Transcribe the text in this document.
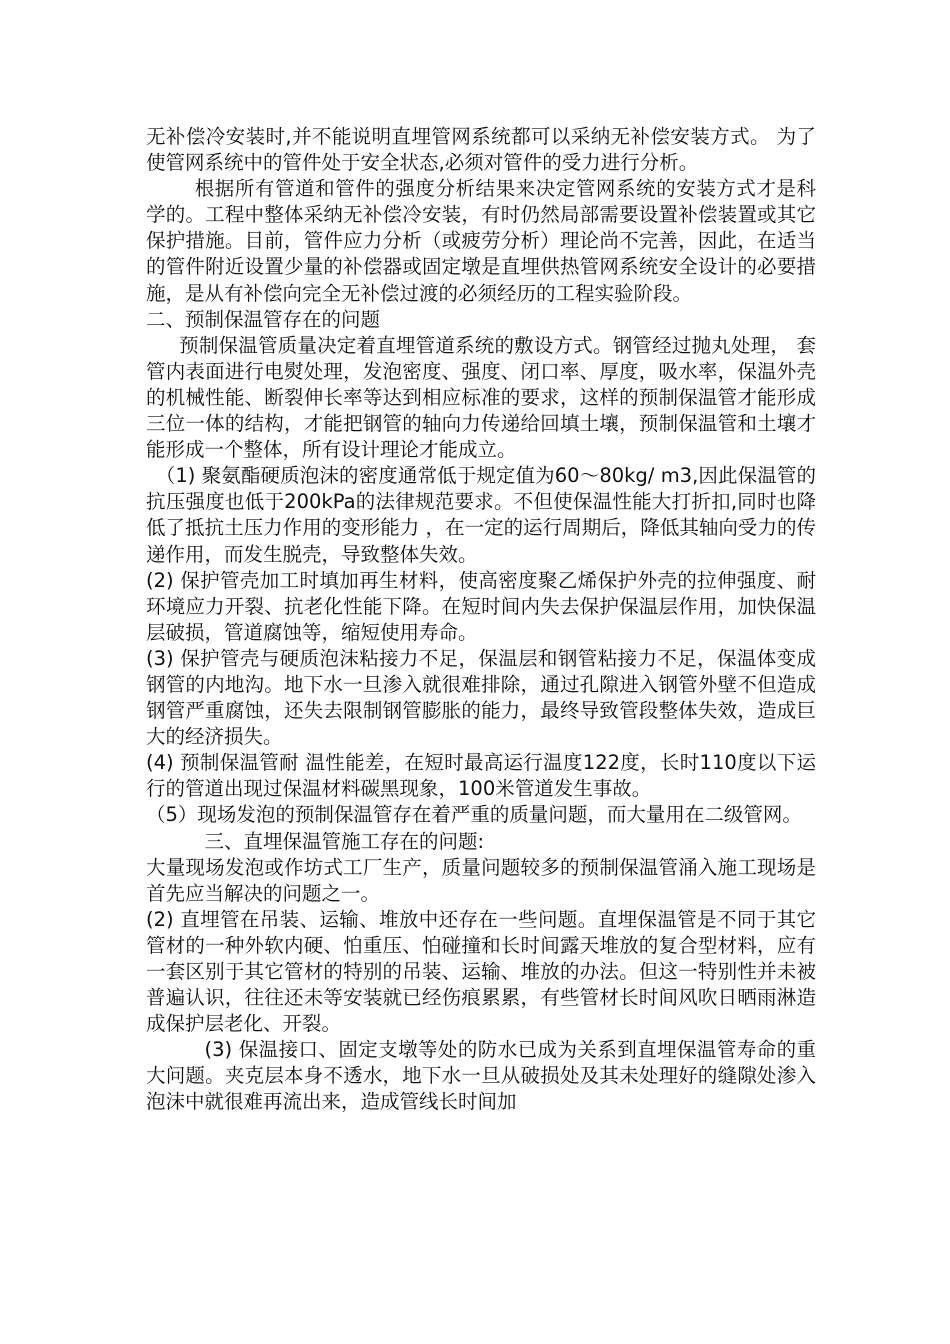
无补偿冷安装时,并不能说明直埋管网系统都可以采纳无补偿安装方式。 为了使管网系统中的管件处于安全状态,必须对管件的受力进行分析。

根据所有管道和管件的强度分析结果来决定管网系统的安装方式才是科学的。工程中整体采纳无补偿冷安装，有时仍然局部需要设置补偿装置或其它保护措施。目前，管件应力分析（或疲劳分析）理论尚不完善，因此，在适当的管件附近设置少量的补偿器或固定墩是直埋供热管网系统安全设计的必要措施，是从有补偿向完全无补偿过渡的必须经历的工程实验阶段。

二、预制保温管存在的问题

预制保温管质量决定着直埋管道系统的敷设方式。钢管经过抛丸处理， 套管内表面进行电熨处理，发泡密度、强度、闭口率、厚度，吸水率，保温外壳的机械性能、断裂伸长率等达到相应标准的要求，这样的预制保温管才能形成三位一体的结构，才能把钢管的轴向力传递给回填土壤，预制保温管和土壤才能形成一个整体，所有设计理论才能成立。

（1) 聚氨酯硬质泡沫的密度通常低于规定值为60～80kg/ m3,因此保温管的抗压强度也低于200kPa的法律规范要求。不但使保温性能大打折扣,同时也降低了抵抗土压力作用的变形能力 ，在一定的运行周期后，降低其轴向受力的传递作用，而发生脱壳，导致整体失效。

(2) 保护管壳加工时填加再生材料，使高密度聚乙烯保护外壳的拉伸强度、耐环境应力开裂、抗老化性能下降。在短时间内失去保护保温层作用，加快保温层破损，管道腐蚀等，缩短使用寿命。

(3) 保护管壳与硬质泡沫粘接力不足，保温层和钢管粘接力不足，保温体变成钢管的内地沟。地下水一旦渗入就很难排除，通过孔隙进入钢管外壁不但造成钢管严重腐蚀，还失去限制钢管膨胀的能力，最终导致管段整体失效，造成巨大的经济损失。

(4) 预制保温管耐 温性能差，在短时最高运行温度122度，长时110度以下运行的管道出现过保温材料碳黑现象，100米管道发生事故。

（5）现场发泡的预制保温管存在着严重的质量问题，而大量用在二级管网。

三、直埋保温管施工存在的问题:

大量现场发泡或作坊式工厂生产，质量问题较多的预制保温管涌入施工现场是首先应当解决的问题之一。

(2) 直埋管在吊装、运输、堆放中还存在一些问题。直埋保温管是不同于其它管材的一种外软内硬、怕重压、怕碰撞和长时间露天堆放的复合型材料，应有一套区别于其它管材的特别的吊装、运输、堆放的办法。但这一特别性并未被普遍认识，往往还未等安装就已经伤痕累累，有些管材长时间风吹日晒雨淋造成保护层老化、开裂。

(3) 保温接口、固定支墩等处的防水已成为关系到直埋保温管寿命的重大问题。夹克层本身不透水，地下水一旦从破损处及其未处理好的缝隙处渗入泡沫中就很难再流出来，造成管线长时间加
